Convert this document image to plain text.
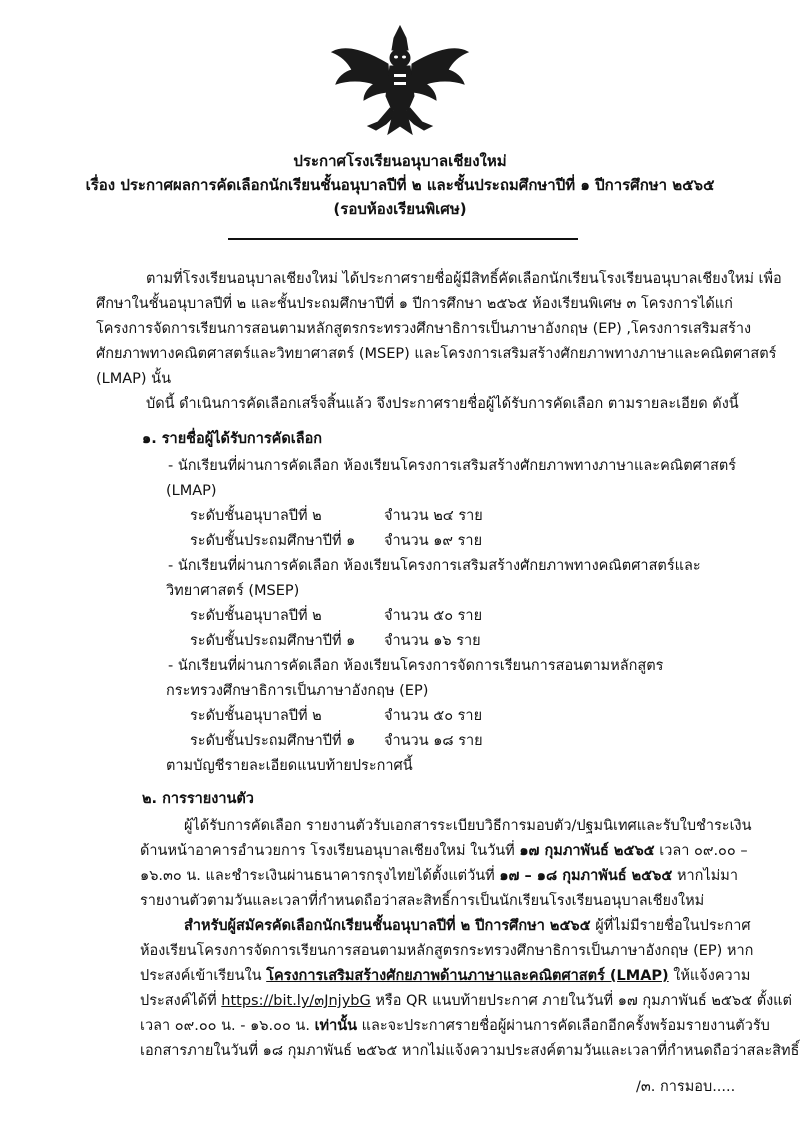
ประกาศโรงเรียนอนุบาลเชียงใหม่
เรื่อง ประกาศผลการคัดเลือกนักเรียนชั้นอนุบาลปีที่ ๒ และชั้นประถมศึกษาปีที่ ๑ ปีการศึกษา ๒๕๖๕
(รอบห้องเรียนพิเศษ)
ตามที่โรงเรียนอนุบาลเชียงใหม่ ได้ประกาศรายชื่อผู้มีสิทธิ์คัดเลือกนักเรียนโรงเรียนอนุบาลเชียงใหม่ เพื่อ
ศึกษาในชั้นอนุบาลปีที่ ๒ และชั้นประถมศึกษาปีที่ ๑ ปีการศึกษา ๒๕๖๕ ห้องเรียนพิเศษ ๓ โครงการได้แก่
โครงการจัดการเรียนการสอนตามหลักสูตรกระทรวงศึกษาธิการเป็นภาษาอังกฤษ (EP) ,โครงการเสริมสร้าง
ศักยภาพทางคณิตศาสตร์และวิทยาศาสตร์ (MSEP) และโครงการเสริมสร้างศักยภาพทางภาษาและคณิตศาสตร์
(LMAP) นั้น
บัดนี้ ดำเนินการคัดเลือกเสร็จสิ้นแล้ว จึงประกาศรายชื่อผู้ได้รับการคัดเลือก ตามรายละเอียด ดังนี้
๑. รายชื่อผู้ได้รับการคัดเลือก
- นักเรียนที่ผ่านการคัดเลือก ห้องเรียนโครงการเสริมสร้างศักยภาพทางภาษาและคณิตศาสตร์
(LMAP)
ระดับชั้นอนุบาลปีที่ ๒	จำนวน ๒๔ ราย
ระดับชั้นประถมศึกษาปีที่ ๑ จำนวน ๑๙ ราย
- นักเรียนที่ผ่านการคัดเลือก ห้องเรียนโครงการเสริมสร้างศักยภาพทางคณิตศาสตร์และ
วิทยาศาสตร์ (MSEP)
ระดับชั้นอนุบาลปีที่ ๒	จำนวน ๕๐ ราย
ระดับชั้นประถมศึกษาปีที่ ๑ จำนวน ๑๖ ราย
- นักเรียนที่ผ่านการคัดเลือก ห้องเรียนโครงการจัดการเรียนการสอนตามหลักสูตร
กระทรวงศึกษาธิการเป็นภาษาอังกฤษ (EP)
ระดับชั้นอนุบาลปีที่ ๒	จำนวน ๕๐ ราย
ระดับชั้นประถมศึกษาปีที่ ๑ จำนวน ๑๘ ราย
ตามบัญชีรายละเอียดแนบท้ายประกาศนี้
๒. การรายงานตัว
ผู้ได้รับการคัดเลือก รายงานตัวรับเอกสารระเบียบวิธีการมอบตัว/ปฐมนิเทศและรับใบชำระเงิน
ด้านหน้าอาคารอำนวยการ โรงเรียนอนุบาลเชียงใหม่ ในวันที่ ๑๗ กุมภาพันธ์ ๒๕๖๕ เวลา ๐๙.๐๐ –
๑๖.๓๐ น. และชำระเงินผ่านธนาคารกรุงไทยได้ตั้งแต่วันที่ ๑๗ – ๑๘ กุมภาพันธ์ ๒๕๖๕ หากไม่มา
รายงานตัวตามวันและเวลาที่กำหนดถือว่าสละสิทธิ์การเป็นนักเรียนโรงเรียนอนุบาลเชียงใหม่
สำหรับผู้สมัครคัดเลือกนักเรียนชั้นอนุบาลปีที่ ๒ ปีการศึกษา ๒๕๖๕ ผู้ที่ไม่มีรายชื่อในประกาศ
ห้องเรียนโครงการจัดการเรียนการสอนตามหลักสูตรกระทรวงศึกษาธิการเป็นภาษาอังกฤษ (EP) หาก
ประสงค์เข้าเรียนใน โครงการเสริมสร้างศักยภาพด้านภาษาและคณิตศาสตร์ (LMAP) ให้แจ้งความ
ประสงค์ได้ที่ https://bit.ly/๓JnjybG หรือ QR แนบท้ายประกาศ ภายในวันที่ ๑๗ กุมภาพันธ์ ๒๕๖๕ ตั้งแต่
เวลา ๐๙.๐๐ น. - ๑๖.๐๐ น. เท่านั้น และจะประกาศรายชื่อผู้ผ่านการคัดเลือกอีกครั้งพร้อมรายงานตัวรับ
เอกสารภายในวันที่ ๑๘ กุมภาพันธ์ ๒๕๖๕ หากไม่แจ้งความประสงค์ตามวันและเวลาที่กำหนดถือว่าสละสิทธิ์
/๓. การมอบ.....
